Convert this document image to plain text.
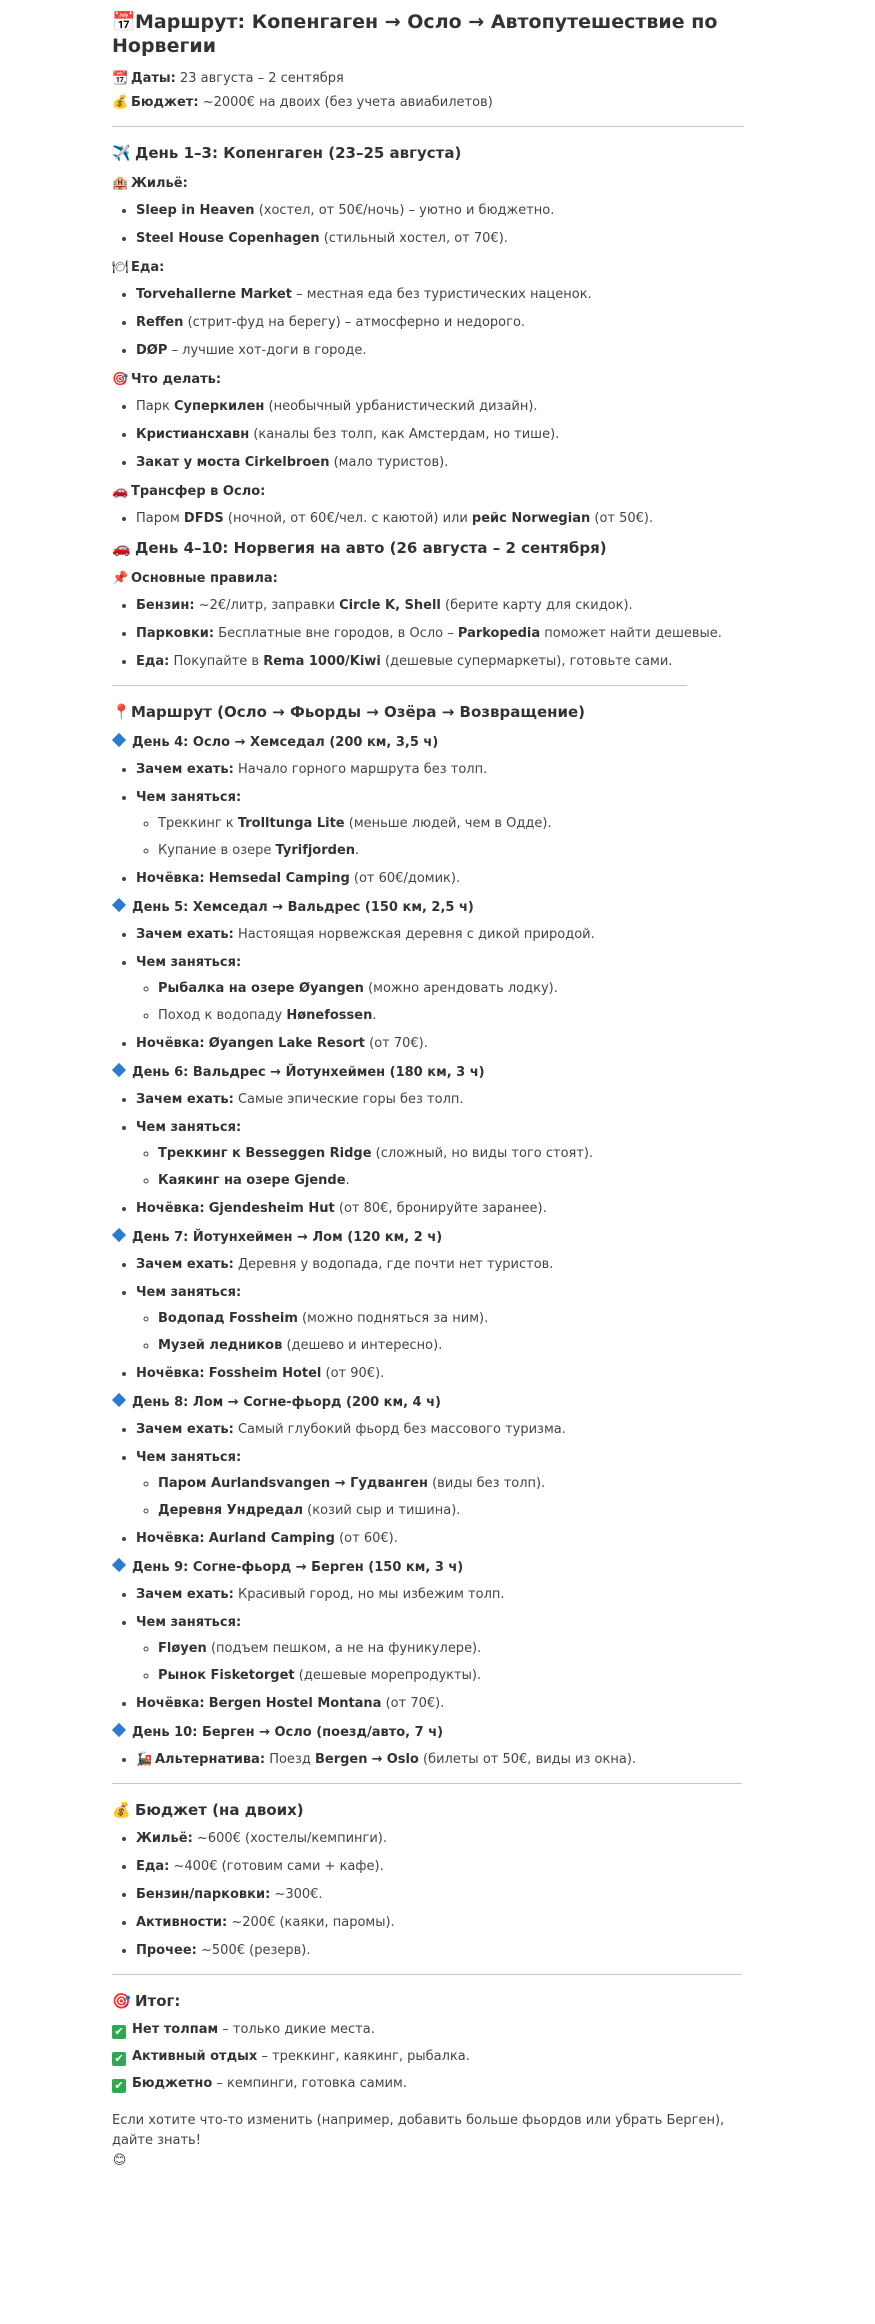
📅Маршрут: Копенгаген → Осло → Автопутешествие по Норвегии

📆 Даты: 23 августа – 2 сентября

💰 Бюджет: ~2000€ на двоих (без учета авиабилетов)

✈️ День 1–3: Копенгаген (23–25 августа)
🏨 Жильё:
• Sleep in Heaven (хостел, от 50€/ночь) – уютно и бюджетно.
• Steel House Copenhagen (стильный хостел, от 70€).
🍽 Еда:
• Torvehallerne Market – местная еда без туристических наценок.
• Reffen (стрит-фуд на берегу) – атмосферно и недорого.
• DØP – лучшие хот-доги в городе.
🎯 Что делать:
• Парк Суперкилен (необычный урбанистический дизайн).
• Кристиансхавн (каналы без толп, как Амстердам, но тише).
• Закат у моста Cirkelbroen (мало туристов).
🚗 Трансфер в Осло:
• Паром DFDS (ночной, от 60€/чел. с каютой) или рейс Norwegian (от 50€).
🚗 День 4–10: Норвегия на авто (26 августа – 2 сентября)
📌 Основные правила:
• Бензин: ~2€/литр, заправки Circle K, Shell (берите карту для скидок).
• Парковки: Бесплатные вне городов, в Осло – Parkopedia поможет найти дешевые.
• Еда: Покупайте в Rema 1000/Kiwi (дешевые супермаркеты), готовьте сами.
📍Маршрут (Осло → Фьорды → Озёра → Возвращение)
День 4: Осло → Хемседал (200 км, 3,5 ч)
• Зачем ехать: Начало горного маршрута без толп.
• Чем заняться:
◦ Треккинг к Trolltunga Lite (меньше людей, чем в Одде).
◦ Купание в озере Tyrifjorden.
• Ночёвка: Hemsedal Camping (от 60€/домик).
День 5: Хемседал → Вальдрес (150 км, 2,5 ч)
• Зачем ехать: Настоящая норвежская деревня с дикой природой.
• Чем заняться:
◦ Рыбалка на озере Øyangen (можно арендовать лодку).
◦ Поход к водопаду Hønefossen.
• Ночёвка: Øyangen Lake Resort (от 70€).
День 6: Вальдрес → Йотунхеймен (180 км, 3 ч)
• Зачем ехать: Самые эпические горы без толп.
• Чем заняться:
◦ Треккинг к Besseggen Ridge (сложный, но виды того стоят).
◦ Каякинг на озере Gjende.
• Ночёвка: Gjendesheim Hut (от 80€, бронируйте заранее).
День 7: Йотунхеймен → Лом (120 км, 2 ч)
• Зачем ехать: Деревня у водопада, где почти нет туристов.
• Чем заняться:
◦ Водопад Fossheim (можно подняться за ним).
◦ Музей ледников (дешево и интересно).
• Ночёвка: Fossheim Hotel (от 90€).
День 8: Лом → Согне-фьорд (200 км, 4 ч)
• Зачем ехать: Самый глубокий фьорд без массового туризма.
• Чем заняться:
◦ Паром Aurlandsvangen → Гудванген (виды без толп).
◦ Деревня Ундредал (козий сыр и тишина).
• Ночёвка: Aurland Camping (от 60€).
День 9: Согне-фьорд → Берген (150 км, 3 ч)
• Зачем ехать: Красивый город, но мы избежим толп.
• Чем заняться:
◦ Fløyen (подъем пешком, а не на фуникулере).
◦ Рынок Fisketorget (дешевые морепродукты).
• Ночёвка: Bergen Hostel Montana (от 70€).
День 10: Берген → Осло (поезд/авто, 7 ч)
• 🚂 Альтернатива: Поезд Bergen → Oslo (билеты от 50€, виды из окна).
💰 Бюджет (на двоих)
• Жильё: ~600€ (хостелы/кемпинги).
• Еда: ~400€ (готовим сами + кафе).
• Бензин/парковки: ~300€.
• Активности: ~200€ (каяки, паромы).
• Прочее: ~500€ (резерв).
🎯 Итог:

✔ Нет толпам – только дикие места.

✔ Активный отдых – треккинг, каякинг, рыбалка.

✔ Бюджетно – кемпинги, готовка самим.

Если хотите что-то изменить (например, добавить больше фьордов или убрать Берген), дайте знать!
😊
